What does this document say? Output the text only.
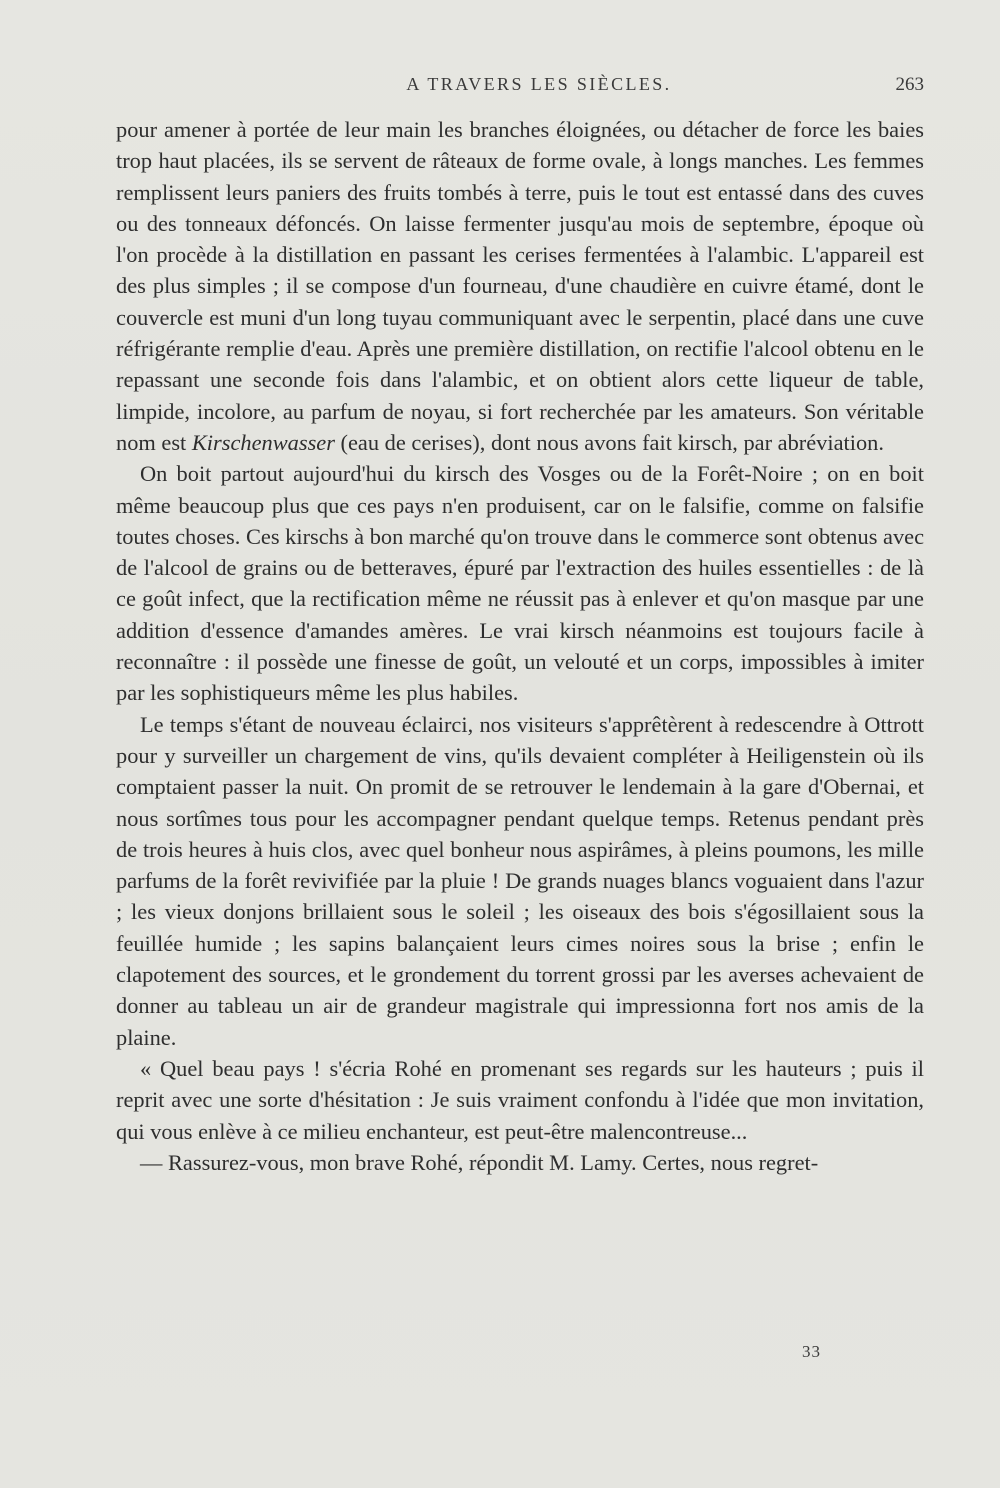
A TRAVERS LES SIÈCLES.	263

pour amener à portée de leur main les branches éloignées, ou détacher de force les baies trop haut placées, ils se servent de râteaux de forme ovale, à longs manches. Les femmes remplissent leurs paniers des fruits tombés à terre, puis le tout est entassé dans des cuves ou des tonneaux défoncés. On laisse fermenter jusqu'au mois de septembre, époque où l'on procède à la distillation en passant les cerises fermentées à l'alambic. L'appareil est des plus simples ; il se compose d'un fourneau, d'une chaudière en cuivre étamé, dont le couvercle est muni d'un long tuyau communiquant avec le serpentin, placé dans une cuve réfrigérante remplie d'eau. Après une première distillation, on rectifie l'alcool obtenu en le repassant une seconde fois dans l'alambic, et on obtient alors cette liqueur de table, limpide, incolore, au parfum de noyau, si fort recherchée par les amateurs. Son véritable nom est Kirschenwasser (eau de cerises), dont nous avons fait kirsch, par abréviation.

On boit partout aujourd'hui du kirsch des Vosges ou de la Forêt-Noire ; on en boit même beaucoup plus que ces pays n'en produisent, car on le falsifie, comme on falsifie toutes choses. Ces kirschs à bon marché qu'on trouve dans le commerce sont obtenus avec de l'alcool de grains ou de betteraves, épuré par l'extraction des huiles essentielles : de là ce goût infect, que la rectification même ne réussit pas à enlever et qu'on masque par une addition d'essence d'amandes amères. Le vrai kirsch néanmoins est toujours facile à reconnaître : il possède une finesse de goût, un velouté et un corps, impossibles à imiter par les sophistiqueurs même les plus habiles.

Le temps s'étant de nouveau éclairci, nos visiteurs s'apprêtèrent à redescendre à Ottrott pour y surveiller un chargement de vins, qu'ils devaient compléter à Heiligenstein où ils comptaient passer la nuit. On promit de se retrouver le lendemain à la gare d'Obernai, et nous sortîmes tous pour les accompagner pendant quelque temps. Retenus pendant près de trois heures à huis clos, avec quel bonheur nous aspirâmes, à pleins poumons, les mille parfums de la forêt revivifiée par la pluie ! De grands nuages blancs voguaient dans l'azur ; les vieux donjons brillaient sous le soleil ; les oiseaux des bois s'égosillaient sous la feuillée humide ; les sapins balançaient leurs cimes noires sous la brise ; enfin le clapotement des sources, et le grondement du torrent grossi par les averses achevaient de donner au tableau un air de grandeur magistrale qui impressionna fort nos amis de la plaine.

« Quel beau pays ! s'écria Rohé en promenant ses regards sur les hauteurs ; puis il reprit avec une sorte d'hésitation : Je suis vraiment confondu à l'idée que mon invitation, qui vous enlève à ce milieu enchanteur, est peut-être malencontreuse...

— Rassurez-vous, mon brave Rohé, répondit M. Lamy. Certes, nous regret-

33
